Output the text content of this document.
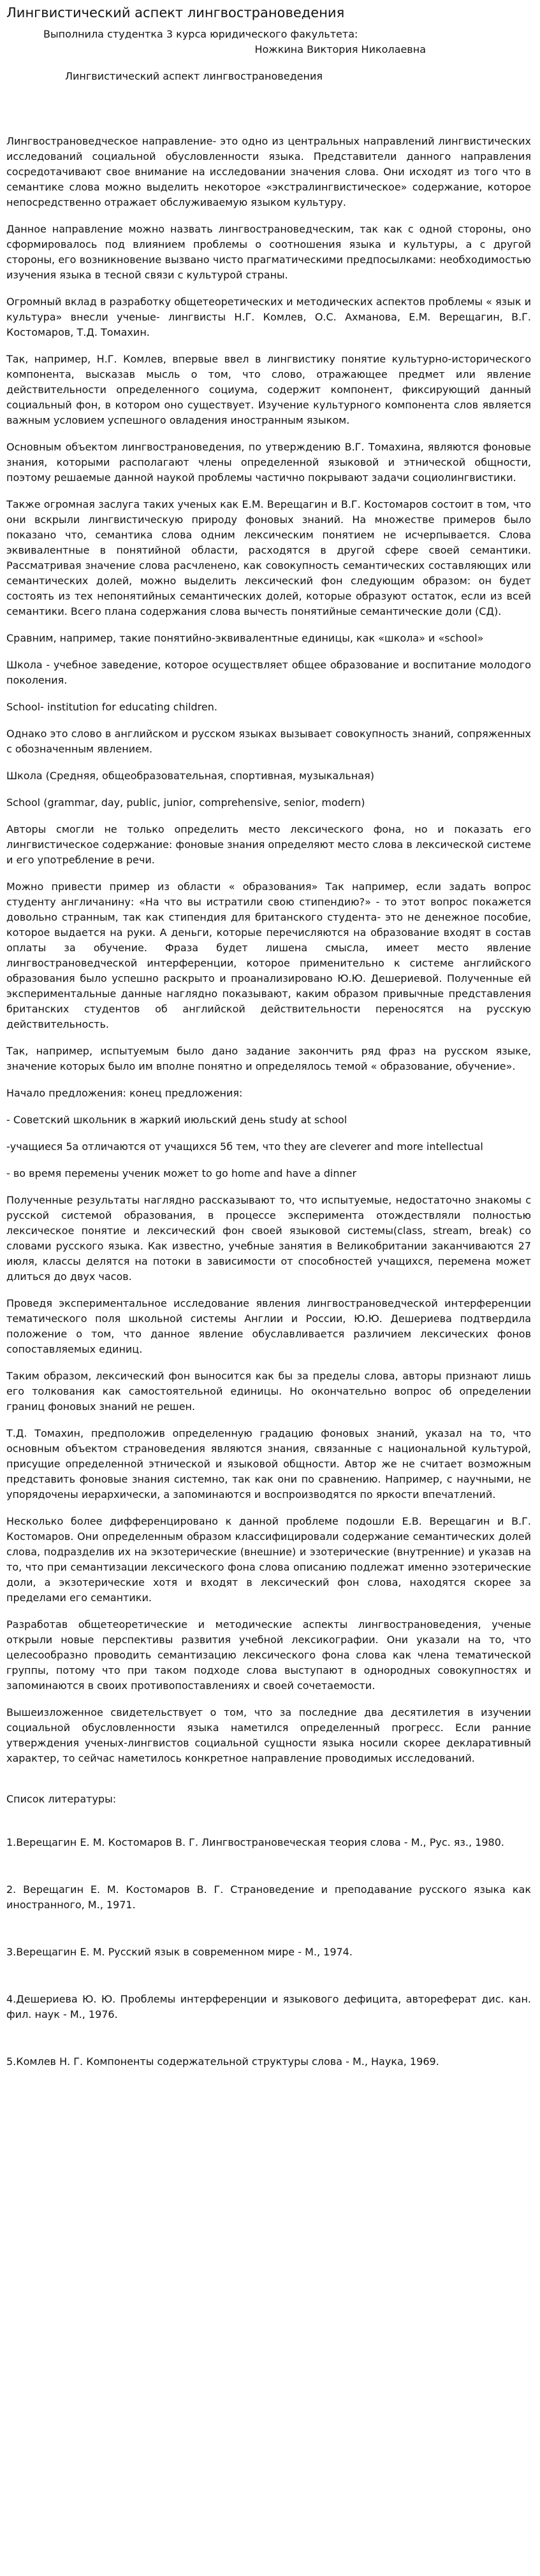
Лингвистический аспект лингвострановедения
Выполнила студентка 3 курса юридического факультета:
Ножкина Виктория Николаевна
Лингвистический аспект лингвострановедения

Лингвострановедческое направление- это одно из центральных направлений лингвистических исследований социальной обусловленности языка. Представители данного направления сосредотачивают свое внимание на исследовании значения слова. Они исходят из того что в семантике слова можно выделить некоторое «экстралингвистическое» содержание, которое непосредственно отражает обслуживаемую языком культуру.

Данное направление можно назвать лингвострановедческим, так как с одной стороны, оно сформировалось под влиянием проблемы о соотношения языка и культуры, а с другой стороны, его возникновение вызвано чисто прагматическими предпосылками: необходимостью изучения языка в тесной связи с культурой страны.

Огромный вклад в разработку общетеоретических и методических аспектов проблемы « язык и культура» внесли ученые- лингвисты Н.Г. Комлев, О.С. Ахманова, Е.М. Верещагин, В.Г. Костомаров, Т.Д. Томахин.

Так, например, Н.Г. Комлев, впервые ввел в лингвистику понятие культурно-исторического компонента, высказав мысль о том, что слово, отражающее предмет или явление действительности определенного социума, содержит компонент, фиксирующий данный социальный фон, в котором оно существует. Изучение культурного компонента слов является важным условием успешного овладения иностранным языком.

Основным объектом лингвострановедения, по утверждению В.Г. Томахина, являются фоновые знания, которыми располагают члены определенной языковой и этнической общности, поэтому решаемые данной наукой проблемы частично покрывают задачи социолингвистики.

Также огромная заслуга таких ученых как Е.М. Верещагин и В.Г. Костомаров состоит в том, что они вскрыли лингвистическую природу фоновых знаний. На множестве примеров было показано что, семантика слова одним лексическим понятием не исчерпывается. Слова эквивалентные в понятийной области, расходятся в другой сфере своей семантики. Рассматривая значение слова расчленено, как совокупность семантических составляющих или семантических долей, можно выделить лексический фон следующим образом: он будет состоять из тех непонятийных семантических долей, которые образуют остаток, если из всей семантики. Всего плана содержания слова вычесть понятийные семантические доли (СД).

Сравним, например, такие понятийно-эквивалентные единицы, как «школа» и «school»

Школа - учебное заведение, которое осуществляет общее образование и воспитание молодого поколения.

School- institution for educating children.

Однако это слово в английском и русском языках вызывает совокупность знаний, сопряженных с обозначенным явлением.

Школа (Средняя, общеобразовательная, спортивная, музыкальная)

School (grammar, day, public, junior, comprehensive, senior, modern)

Авторы смогли не только определить место лексического фона, но и показать его лингвистическое содержание: фоновые знания определяют место слова в лексической системе и его употребление в речи.

Можно привести пример из области « образования» Так например, если задать вопрос студенту англичанину: «На что вы истратили свою стипендию?» - то этот вопрос покажется довольно странным, так как стипендия для британского студента- это не денежное пособие, которое выдается на руки. А деньги, которые перечисляются на образование входят в состав оплаты за обучение. Фраза будет лишена смысла, имеет место явление лингвострановедческой интерференции, которое применительно к системе английского образования было успешно раскрыто и проанализировано Ю.Ю. Дешериевой. Полученные ей экспериментальные данные наглядно показывают, каким образом привычные представления британских студентов об английской действительности переносятся на русскую действительность.

Так, например, испытуемым было дано задание закончить ряд фраз на русском языке, значение которых было им вполне понятно и определялось темой « образование, обучение».

Начало предложения: конец предложения:

- Советский школьник в жаркий июльский день study at school

-учащиеся 5а отличаются от учащихся 5б тем, что they are cleverer and more intellectual

- во время перемены ученик может to go home and have a dinner

Полученные результаты наглядно рассказывают то, что испытуемые, недостаточно знакомы с русской системой образования, в процессе эксперимента отождествляли полностью лексическое понятие и лексический фон своей языковой системы(class, stream, break) со словами русского языка. Как известно, учебные занятия в Великобритании заканчиваются 27 июля, классы делятся на потоки в зависимости от способностей учащихся, перемена может длиться до двух часов.

Проведя экспериментальное исследование явления лингвострановедческой интерференции тематического поля школьной системы Англии и России, Ю.Ю. Дешериева подтвердила положение о том, что данное явление обуславливается различием лексических фонов сопоставляемых единиц.

Таким образом, лексический фон выносится как бы за пределы слова, авторы признают лишь его толкования как самостоятельной единицы. Но окончательно вопрос об определении границ фоновых знаний не решен.

Т.Д. Томахин, предположив определенную градацию фоновых знаний, указал на то, что основным объектом страноведения являются знания, связанные с национальной культурой, присущие определенной этнической и языковой общности. Автор же не считает возможным представить фоновые знания системно, так как они по сравнению. Например, с научными, не упорядочены иерархически, а запоминаются и воспроизводятся по яркости впечатлений.

Несколько более дифференцировано к данной проблеме подошли Е.В. Верещагин и В.Г. Костомаров. Они определенным образом классифицировали содержание семантических долей слова, подразделив их на экзотерические (внешние) и эзотерические (внутренние) и указав на то, что при семантизации лексического фона слова описанию подлежат именно эзотерические доли, а экзотерические хотя и входят в лексический фон слова, находятся скорее за пределами его семантики.

Разработав общетеоретические и методические аспекты лингвострановедения, ученые открыли новые перспективы развития учебной лексикографии. Они указали на то, что целесообразно проводить семантизацию лексического фона слова как члена тематической группы, потому что при таком подходе слова выступают в однородных совокупностях и запоминаются в своих противопоставлениях и своей сочетаемости.

Вышеизложенное свидетельствует о том, что за последние два десятилетия в изучении социальной обусловленности языка наметился определенный прогресс. Если ранние утверждения ученых-лингвистов социальной сущности языка носили скорее декларативный характер, то сейчас наметилось конкретное направление проводимых исследований.

Список литературы:

1.Верещагин Е. М. Костомаров В. Г. Лингвострановеческая теория слова - М., Рус. яз., 1980.

2. Верещагин Е. М. Костомаров В. Г. Страноведение и преподавание русского языка как иностранного, М., 1971.

3.Верещагин Е. М. Русский язык в современном мире - М., 1974.

4.Дешериева Ю. Ю. Проблемы интерференции и языкового дефицита, автореферат дис. кан. фил. наук - М., 1976.

5.Комлев Н. Г. Компоненты содержательной структуры слова - М., Наука, 1969.
